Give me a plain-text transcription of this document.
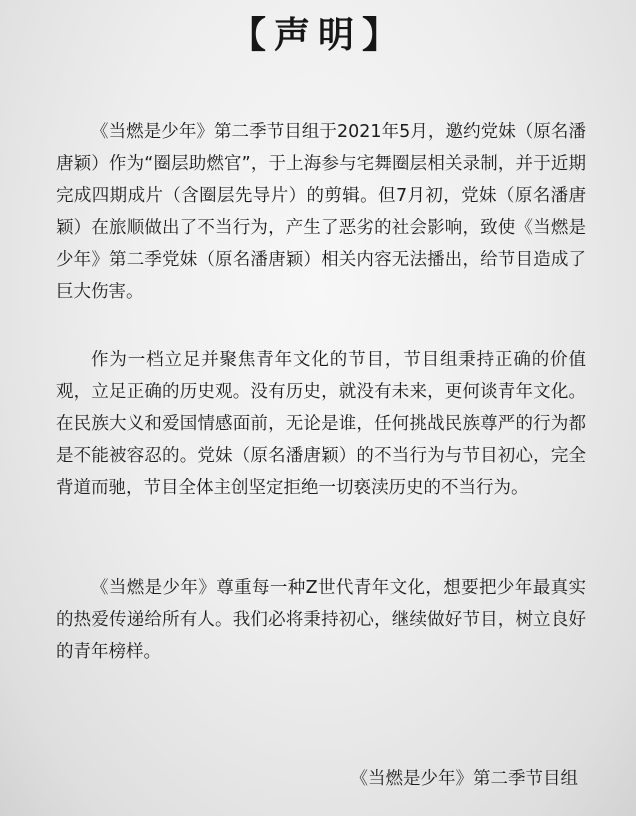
【声明】

《当燃是少年》第二季节目组于2021年5月，邀约党妹（原名潘唐颖）作为“圈层助燃官”，于上海参与宅舞圈层相关录制，并于近期完成四期成片（含圈层先导片）的剪辑。但7月初，党妹（原名潘唐颖）在旅顺做出了不当行为，产生了恶劣的社会影响，致使《当燃是少年》第二季党妹（原名潘唐颖）相关内容无法播出，给节目造成了巨大伤害。

作为一档立足并聚焦青年文化的节目，节目组秉持正确的价值观，立足正确的历史观。没有历史，就没有未来，更何谈青年文化。在民族大义和爱国情感面前，无论是谁，任何挑战民族尊严的行为都是不能被容忍的。党妹（原名潘唐颖）的不当行为与节目初心，完全背道而驰，节目全体主创坚定拒绝一切亵渎历史的不当行为。

《当燃是少年》尊重每一种Z世代青年文化，想要把少年最真实的热爱传递给所有人。我们必将秉持初心，继续做好节目，树立良好的青年榜样。

《当燃是少年》第二季节目组
